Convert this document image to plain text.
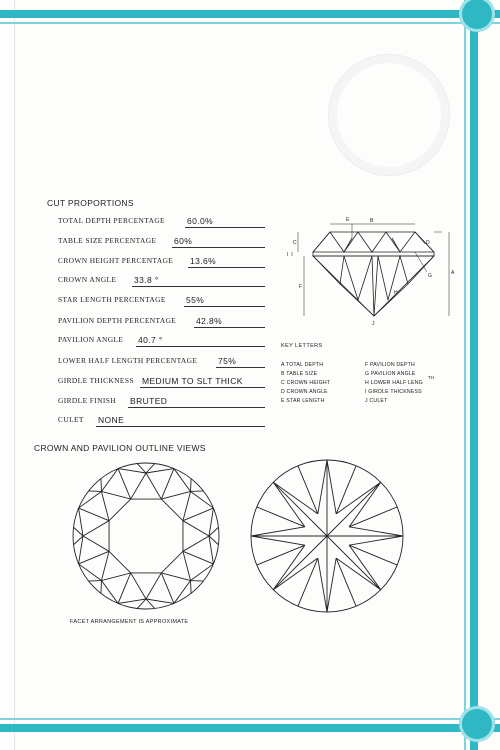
CUT PROPORTIONS
TOTAL DEPTH PERCENTAGE	60.0%
TABLE SIZE PERCENTAGE 60%
CROWN HEIGHT PERCENTAGE 13.6%
CROWN ANGLE 33.8 °
STAR LENGTH PERCENTAGE 55%
PAVILION DEPTH PERCENTAGE 42.8%
PAVILION ANGLE 40.7 °
LOWER HALF LENGTH PERCENTAGE 75%
GIRDLE THICKNESS MEDIUM TO SLT THICK
GIRDLE FINISH BRUTED
CULET NONE
A
B
C	D
E
F
G
H
I
J
KEY LETTERS
A TOTAL DEPTH
B TABLE SIZE
C CROWN HEIGHT
D CROWN ANGLE
E STAR LENGTH
F PAVILION DEPTH
G PAVILION ANGLE
H LOWER HALF LENG
TH
I GIRDLE THICKNESS
J CULET
CROWN AND PAVILION OUTLINE VIEWS
FACET ARRANGEMENT IS APPROXIMATE
